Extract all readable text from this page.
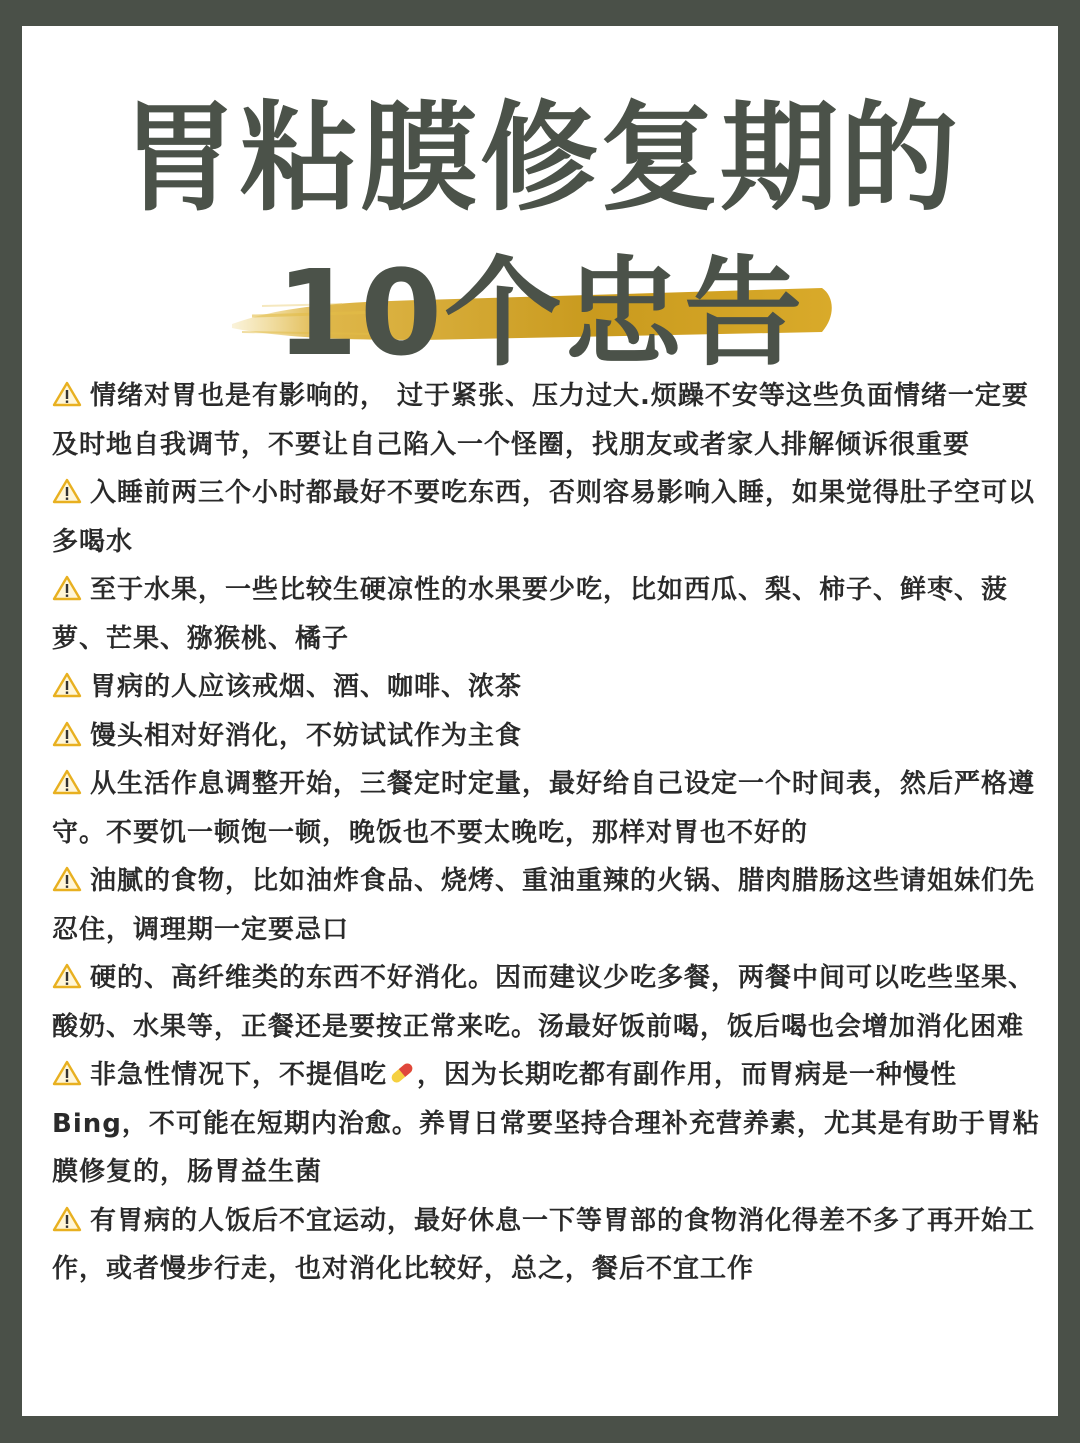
胃粘膜修复期的
10个忠告

情绪对胃也是有影响的， 过于紧张、压力过大.烦躁不安等这些负面情绪一定要及时地自我调节，不要让自己陷入一个怪圈，找朋友或者家人排解倾诉很重要

入睡前两三个小时都最好不要吃东西，否则容易影响入睡，如果觉得肚子空可以多喝水

至于水果，一些比较生硬凉性的水果要少吃，比如西瓜、梨、柿子、鲜枣、菠萝、芒果、猕猴桃、橘子

胃病的人应该戒烟、酒、咖啡、浓茶

馒头相对好消化，不妨试试作为主食

从生活作息调整开始，三餐定时定量，最好给自己设定一个时间表，然后严格遵守。不要饥一顿饱一顿，晚饭也不要太晚吃，那样对胃也不好的

油腻的食物，比如油炸食品、烧烤、重油重辣的火锅、腊肉腊肠这些请姐妹们先忍住，调理期一定要忌口

硬的、高纤维类的东西不好消化。因而建议少吃多餐，两餐中间可以吃些坚果、酸奶、水果等，正餐还是要按正常来吃。汤最好饭前喝，饭后喝也会增加消化困难

非急性情况下，不提倡吃 ，因为长期吃都有副作用，而胃病是一种慢性Bing，不可能在短期内治愈。养胃日常要坚持合理补充营养素，尤其是有助于胃粘膜修复的，肠胃益生菌

有胃病的人饭后不宜运动，最好休息一下等胃部的食物消化得差不多了再开始工作，或者慢步行走，也对消化比较好，总之，餐后不宜工作
